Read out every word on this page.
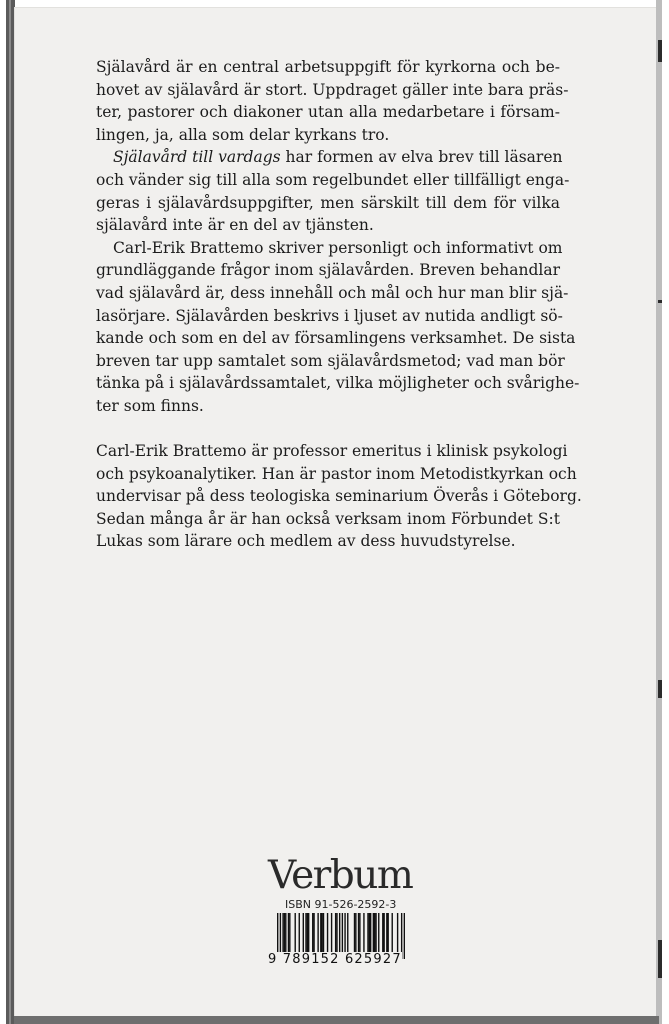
Själavård är en central arbetsuppgift för kyrkorna och be-
hovet av själavård är stort. Uppdraget gäller inte bara präs-
ter, pastorer och diakoner utan alla medarbetare i försam-
lingen, ja, alla som delar kyrkans tro.
Själavård till vardags har formen av elva brev till läsaren
och vänder sig till alla som regelbundet eller tillfälligt enga-
geras i själavårdsuppgifter, men särskilt till dem för vilka
själavård inte är en del av tjänsten.
Carl-Erik Brattemo skriver personligt och informativt om
grundläggande frågor inom själavården. Breven behandlar
vad själavård är, dess innehåll och mål och hur man blir sjä-
lasörjare. Själavården beskrivs i ljuset av nutida andligt sö-
kande och som en del av församlingens verksamhet. De sista
breven tar upp samtalet som själavårdsmetod; vad man bör
tänka på i själavårdssamtalet, vilka möjligheter och svårighe-
ter som finns.
Carl-Erik Brattemo är professor emeritus i klinisk psykologi
och psykoanalytiker. Han är pastor inom Metodistkyrkan och
undervisar på dess teologiska seminarium Överås i Göteborg.
Sedan många år är han också verksam inom Förbundet S:t
Lukas som lärare och medlem av dess huvudstyrelse.
Verbum
ISBN 91-526-2592-3
9 789152 625927
